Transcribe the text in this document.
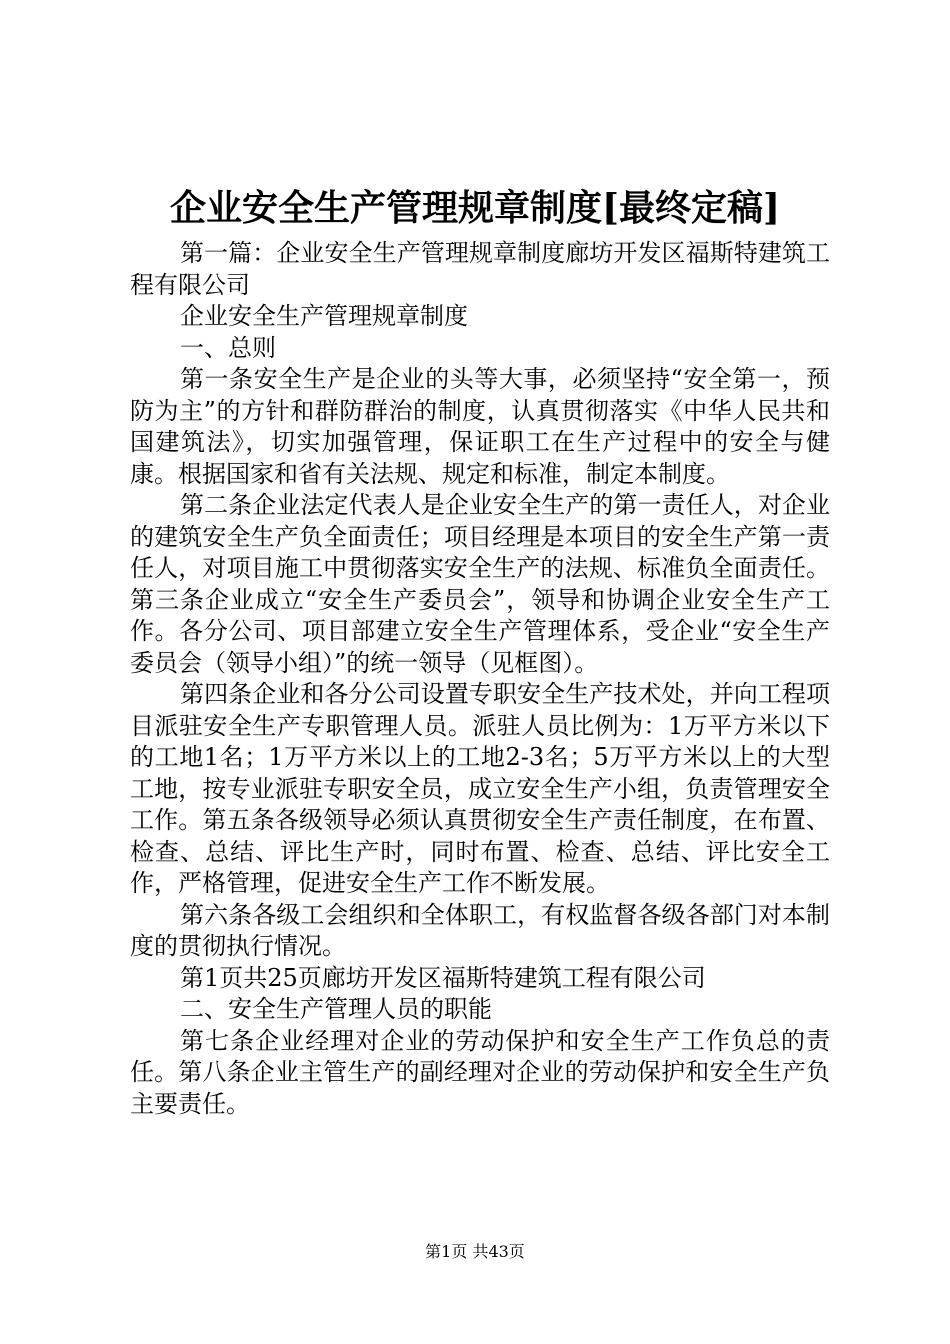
企业安全生产管理规章制度[最终定稿]

第一篇：企业安全生产管理规章制度廊坊开发区福斯特建筑工程有限公司

企业安全生产管理规章制度

一、总则

第一条安全生产是企业的头等大事，必须坚持“安全第一，预防为主”的方针和群防群治的制度，认真贯彻落实《中华人民共和国建筑法》，切实加强管理，保证职工在生产过程中的安全与健康。根据国家和省有关法规、规定和标准，制定本制度。

第二条企业法定代表人是企业安全生产的第一责任人，对企业的建筑安全生产负全面责任；项目经理是本项目的安全生产第一责任人，对项目施工中贯彻落实安全生产的法规、标准负全面责任。第三条企业成立“安全生产委员会”，领导和协调企业安全生产工作。各分公司、项目部建立安全生产管理体系，受企业“安全生产委员会（领导小组）”的统一领导（见框图）。

第四条企业和各分公司设置专职安全生产技术处，并向工程项目派驻安全生产专职管理人员。派驻人员比例为：1万平方米以下的工地1名；1万平方米以上的工地2-3名；5万平方米以上的大型工地，按专业派驻专职安全员，成立安全生产小组，负责管理安全工作。第五条各级领导必须认真贯彻安全生产责任制度，在布置、检查、总结、评比生产时，同时布置、检查、总结、评比安全工作，严格管理，促进安全生产工作不断发展。

第六条各级工会组织和全体职工，有权监督各级各部门对本制度的贯彻执行情况。

第1页共25页廊坊开发区福斯特建筑工程有限公司

二、安全生产管理人员的职能

第七条企业经理对企业的劳动保护和安全生产工作负总的责任。第八条企业主管生产的副经理对企业的劳动保护和安全生产负主要责任。

第1页 共43页
